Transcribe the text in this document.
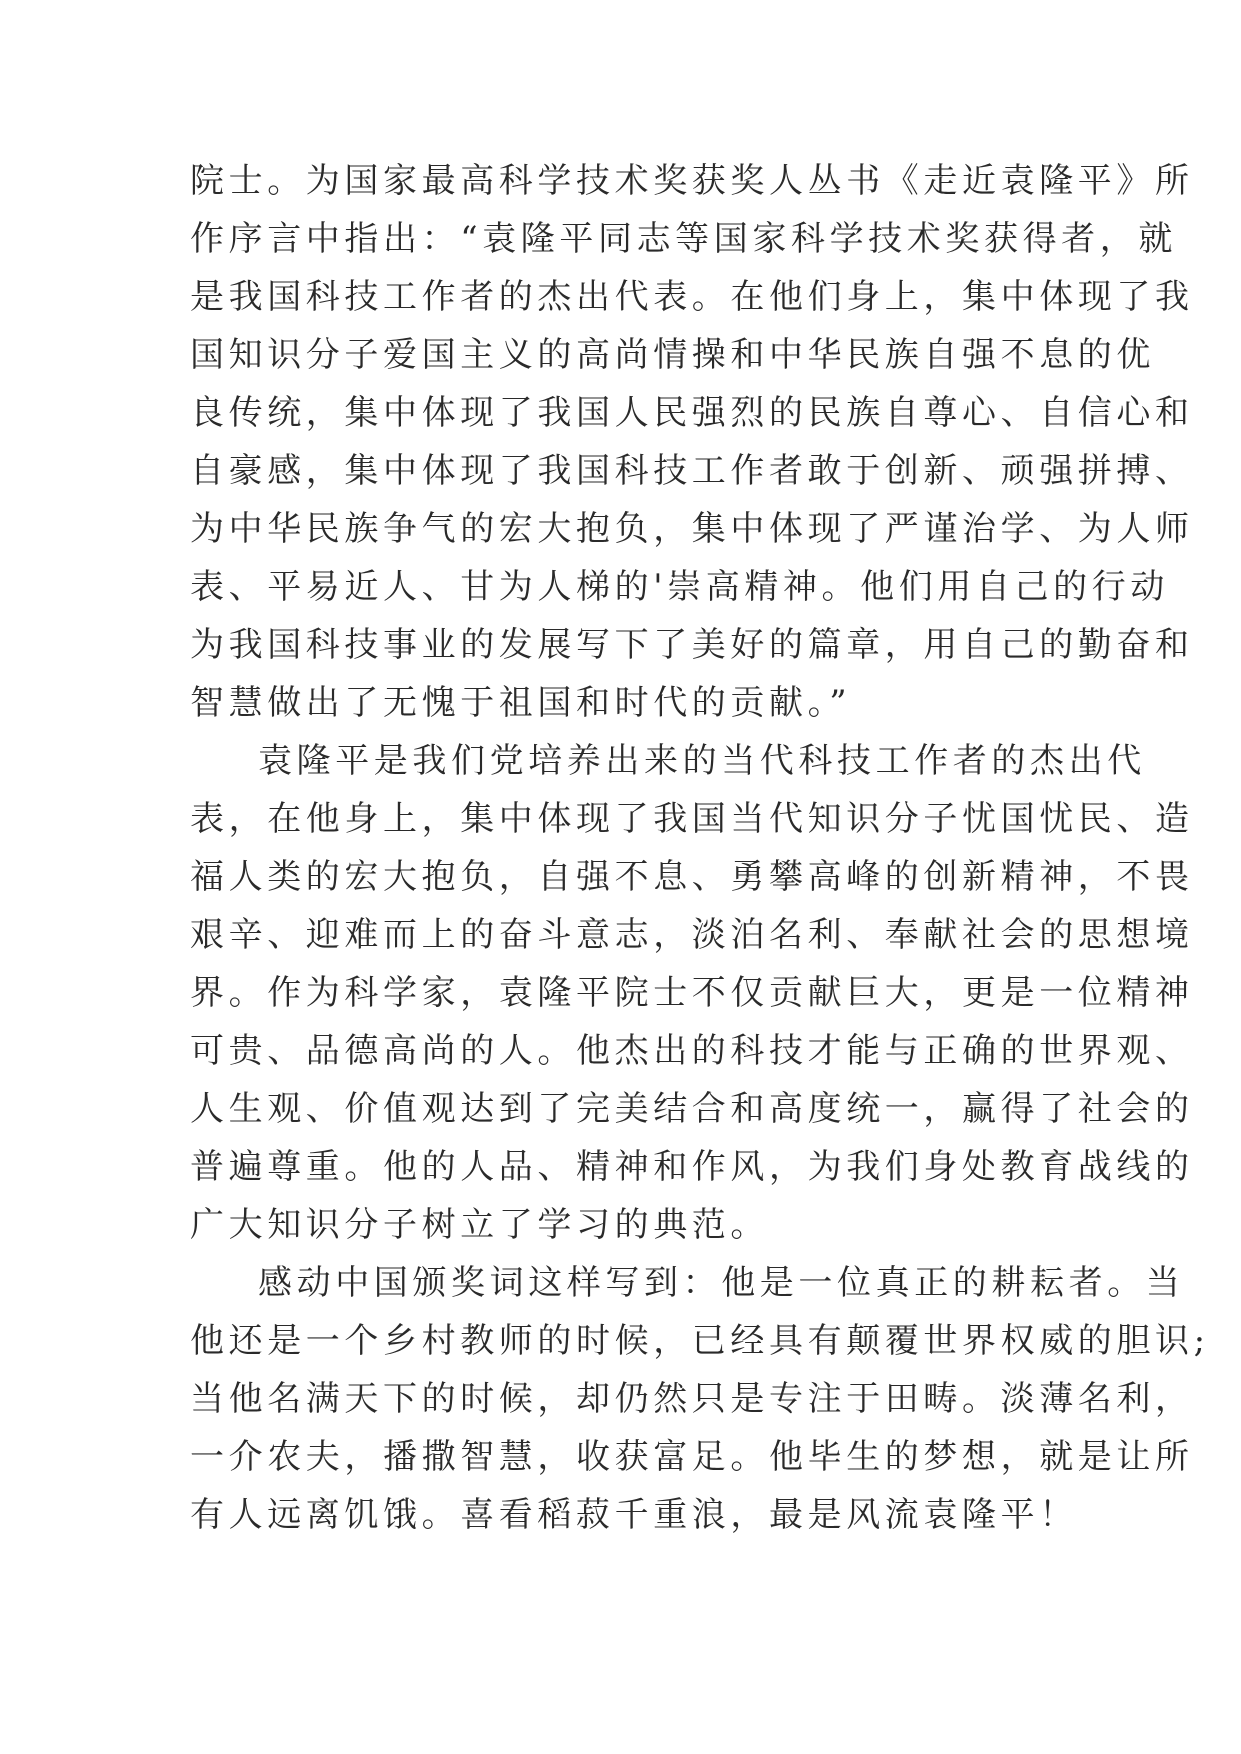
院士。为国家最高科学技术奖获奖人丛书《走近袁隆平》所
作序言中指出：“袁隆平同志等国家科学技术奖获得者，就
是我国科技工作者的杰出代表。在他们身上，集中体现了我
国知识分子爱国主义的高尚情操和中华民族自强不息的优
良传统，集中体现了我国人民强烈的民族自尊心、自信心和
自豪感，集中体现了我国科技工作者敢于创新、顽强拼搏、
为中华民族争气的宏大抱负，集中体现了严谨治学、为人师
表、平易近人、甘为人梯的'崇高精神。他们用自己的行动
为我国科技事业的发展写下了美好的篇章，用自己的勤奋和
智慧做出了无愧于祖国和时代的贡献。”
袁隆平是我们党培养出来的当代科技工作者的杰出代
表，在他身上，集中体现了我国当代知识分子忧国忧民、造
福人类的宏大抱负，自强不息、勇攀高峰的创新精神，不畏
艰辛、迎难而上的奋斗意志，淡泊名利、奉献社会的思想境
界。作为科学家，袁隆平院士不仅贡献巨大，更是一位精神
可贵、品德高尚的人。他杰出的科技才能与正确的世界观、
人生观、价值观达到了完美结合和高度统一，赢得了社会的
普遍尊重。他的人品、精神和作风，为我们身处教育战线的
广大知识分子树立了学习的典范。
感动中国颁奖词这样写到：他是一位真正的耕耘者。当
他还是一个乡村教师的时候，已经具有颠覆世界权威的胆识;
当他名满天下的时候，却仍然只是专注于田畴。淡薄名利，
一介农夫，播撒智慧，收获富足。他毕生的梦想，就是让所
有人远离饥饿。喜看稻菽千重浪，最是风流袁隆平！
